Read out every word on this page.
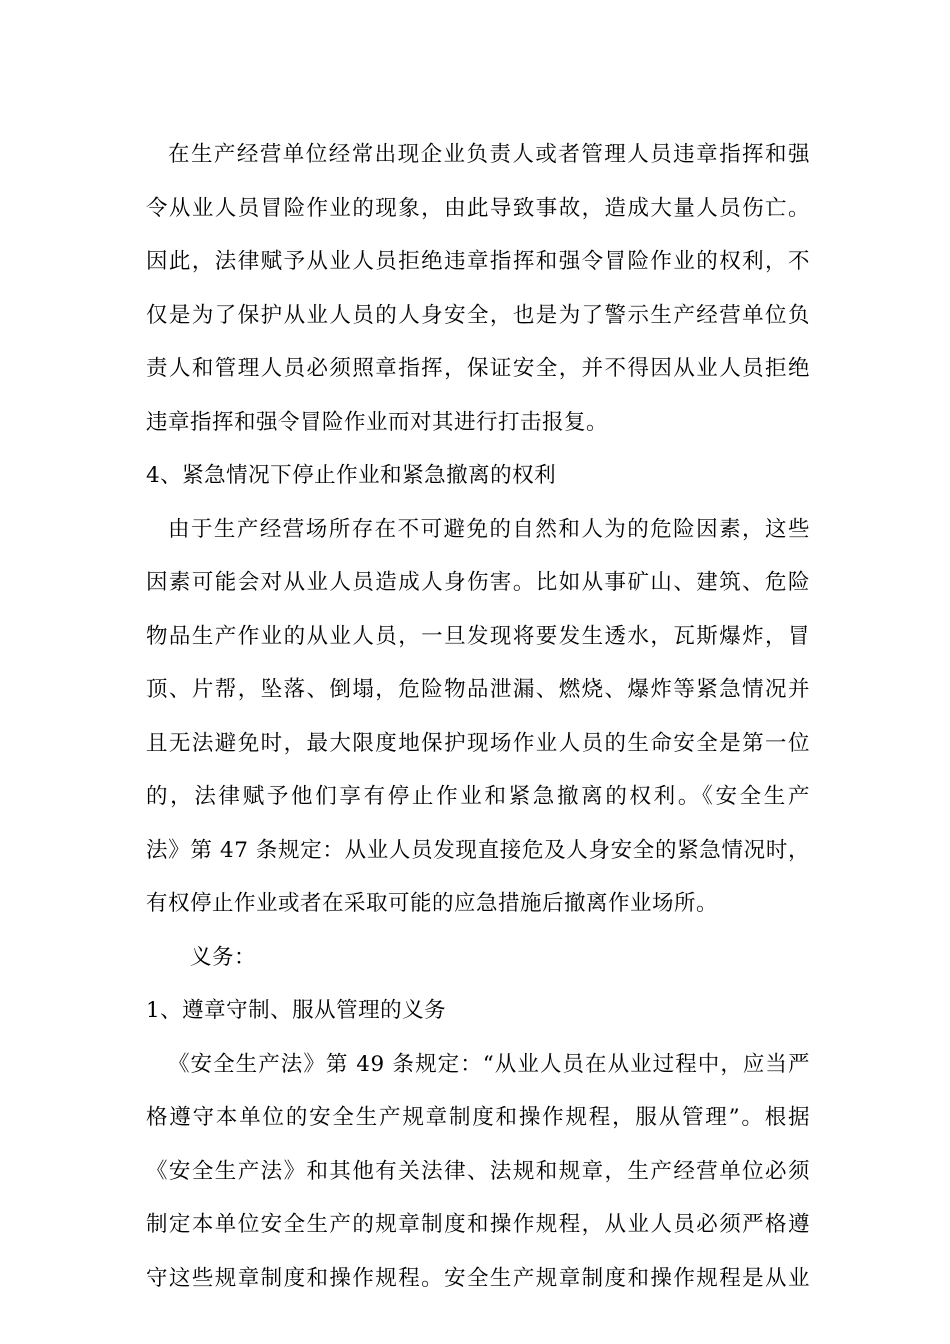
在生产经营单位经常出现企业负责人或者管理人员违章指挥和强
令从业人员冒险作业的现象，由此导致事故，造成大量人员伤亡。
因此，法律赋予从业人员拒绝违章指挥和强令冒险作业的权利，不
仅是为了保护从业人员的人身安全，也是为了警示生产经营单位负
责人和管理人员必须照章指挥，保证安全，并不得因从业人员拒绝
违章指挥和强令冒险作业而对其进行打击报复。
4、紧急情况下停止作业和紧急撤离的权利
由于生产经营场所存在不可避免的自然和人为的危险因素，这些
因素可能会对从业人员造成人身伤害。比如从事矿山、建筑、危险
物品生产作业的从业人员，一旦发现将要发生透水，瓦斯爆炸，冒
顶、片帮，坠落、倒塌，危险物品泄漏、燃烧、爆炸等紧急情况并
且无法避免时，最大限度地保护现场作业人员的生命安全是第一位
的，法律赋予他们享有停止作业和紧急撤离的权利。《安全生产
法》第 47 条规定：从业人员发现直接危及人身安全的紧急情况时，
有权停止作业或者在采取可能的应急措施后撤离作业场所。
义务：
1、遵章守制、服从管理的义务
《安全生产法》第 49 条规定：“从业人员在从业过程中，应当严
格遵守本单位的安全生产规章制度和操作规程，服从管理”。根据
《安全生产法》和其他有关法律、法规和规章，生产经营单位必须
制定本单位安全生产的规章制度和操作规程，从业人员必须严格遵
守这些规章制度和操作规程。安全生产规章制度和操作规程是从业
